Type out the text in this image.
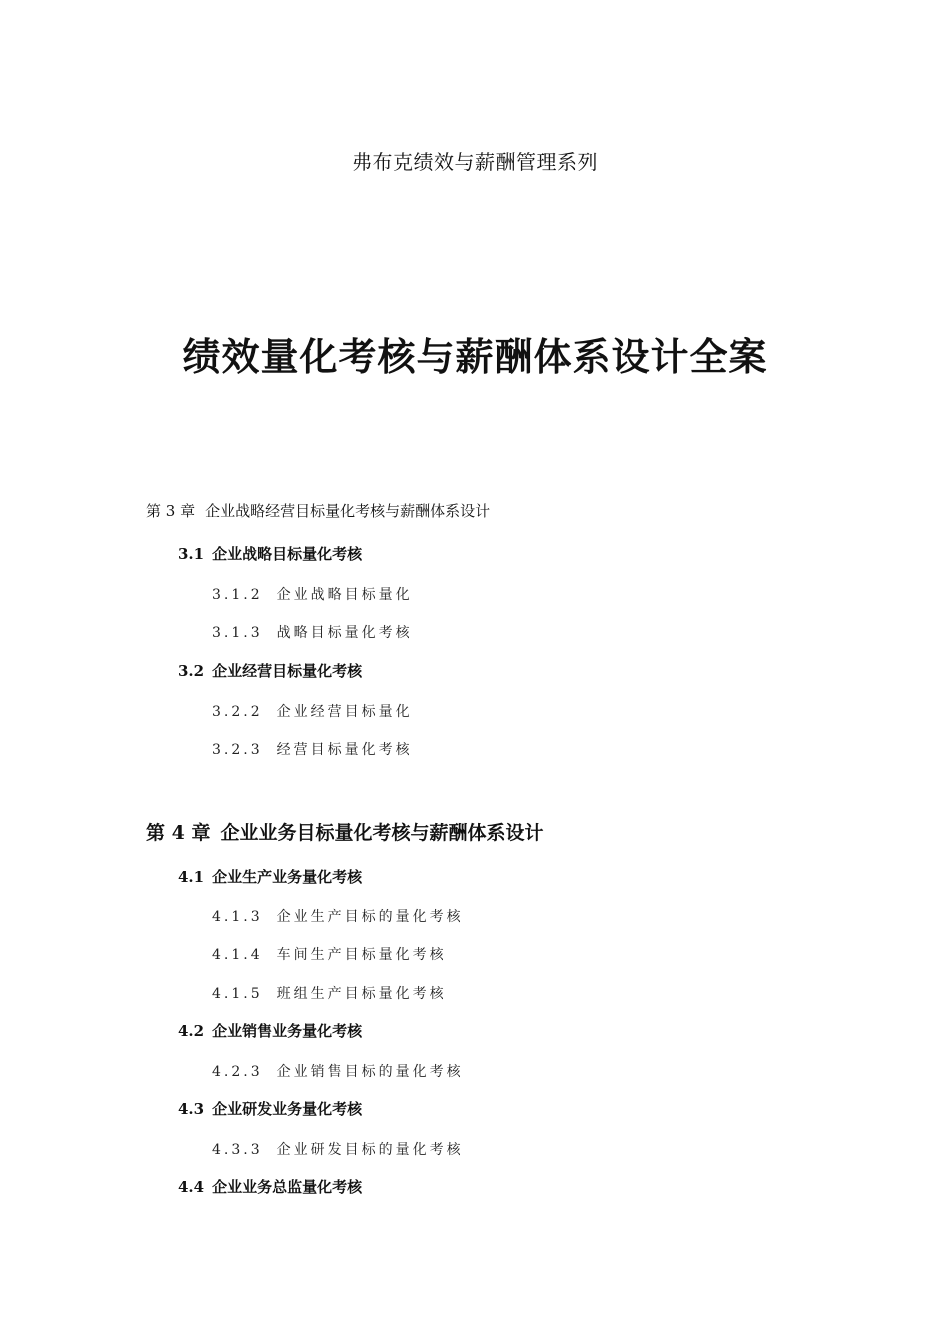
弗布克绩效与薪酬管理系列
绩效量化考核与薪酬体系设计全案
第 3 章 企业战略经营目标量化考核与薪酬体系设计
3.1 企业战略目标量化考核
3.1.2 企业战略目标量化
3.1.3 战略目标量化考核
3.2 企业经营目标量化考核
3.2.2 企业经营目标量化
3.2.3 经营目标量化考核
第 4 章 企业业务目标量化考核与薪酬体系设计
4.1 企业生产业务量化考核
4.1.3 企业生产目标的量化考核
4.1.4 车间生产目标量化考核
4.1.5 班组生产目标量化考核
4.2 企业销售业务量化考核
4.2.3 企业销售目标的量化考核
4.3 企业研发业务量化考核
4.3.3 企业研发目标的量化考核
4.4 企业业务总监量化考核
